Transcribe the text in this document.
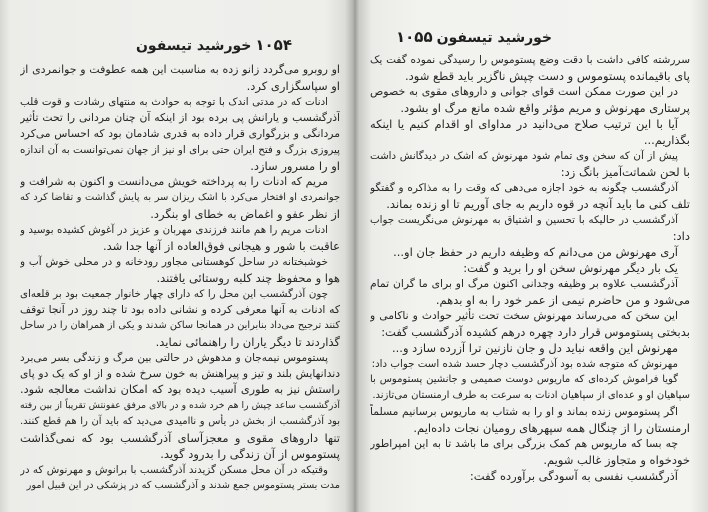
۱۰۵۴
خورشید تیسفون
او روبرو می‌گردد زانو زده به مناسبت این همه عطوفت و جوانمردی از
او سپاسگزاری کرد.
ادنات که در مدتی اندک با توجه به حوادث به منتهای رشادت و قوت قلب
آذرگشسب و یارانش پی برده بود از اینکه آن چنان مردانی را تحت تأثیر
مردانگی و بزرگواری قرار داده به قدری شادمان بود که احساس می‌کرد
پیروزی بزرگ و فتح ایران حتی برای او نیز از جهان نمی‌توانست به آن اندازه
او را مسرور سازد.
مریم که ادنات را به پرداخته خویش می‌دانست و اکنون به شرافت و
جوانمردی او افتخار می‌کرد با اشک ریزان سر به پایش گذاشت و تقاضا کرد که
از نظر عفو و اغماض به خطای او بنگرد.
ادنات مریم را هم مانند فرزندی مهربان و عزیز در آغوش کشیده بوسید و
عاقبت با شور و هیجانی فوق‌العاده از آنها جدا شد.
خوشبختانه در ساحل کوهستانی مجاور رودخانه و در محلی خوش آب و
هوا و محفوظ چند کلبه روستائی یافتند.
چون آذرگشسب این محل را که دارای چهار خانوار جمعیت بود بر قلعه‌ای
که ادنات به آنها معرفی کرده و نشانی داده بود تا چند روز در آنجا توقف
کنند ترجیح می‌داد بنابراین در همانجا ساکن شدند و یکی از همراهان را در ساحل
گذاردند تا دیگر یاران را راهنمائی نماید.
پستوموس نیمه‌جان و مدهوش در حالتی بین مرگ و زندگی بسر می‌برد
دندانهایش بلند و تیز و پیراهنش به خون سرخ شده و از او که یک دو پای
راستش نیز به طوری آسیب دیده بود که امکان نداشت معالجه شود.
آذرگشسب ساعد چپش را هم خرد شده و در بالای مرفق عفونتش تقریباً از بین رفته
بود آذرگشسب از بخش در یأس و ناامیدی می‌دید که باید آن را هم قطع کنند.
تنها داروهای مقوی و معجزآسای آذرگشسب بود که نمی‌گذاشت
پستوموس از آن زندگی را بدرود گوید.
وقتیکه در آن محل مسکن گزیدند آذرگشسب با برانوش و مهرنوش که در
مدت بستر پستوموس جمع شدند و آذرگشسب که در پزشکی در این قبیل امور
خورشید تیسفون
۱۰۵۵
سررشته کافی داشت با دقت وضع پستوموس را رسیدگی نموده گفت یک
پای باقیمانده پستوموس و دست چپش ناگزیر باید قطع شود.
در این صورت ممکن است قوای جوانی و داروهای مقوی به خصوص
پرستاری مهرنوش و مریم مؤثر واقع شده مانع مرگ او بشود.
آیا با این ترتیب صلاح می‌دانید در مداوای او اقدام کنیم یا اینکه
بگذاریم...
پیش از آن که سخن وی تمام شود مهرنوش که اشک در دیدگانش داشت
با لحن شماتت‌آمیز بانگ زد:
آذرگشسب چگونه به خود اجازه می‌دهی که وقت را به مذاکره و گفتگو
تلف کنی ما باید آنچه در قوه داریم به جای آوریم تا او زنده بماند.
آذرگشسب در حالیکه با تحسین و اشتیاق به مهرنوش می‌نگریست جواب
داد:
آری مهرنوش من می‌دانم که وظیفه داریم در حفظ جان او...
یک بار دیگر مهرنوش سخن او را برید و گفت:
آذرگشسب علاوه بر وظیفه وجدانی اکنون مرگ او برای ما گران تمام
می‌شود و من حاضرم نیمی از عمر خود را به او بدهم.
این سخن که می‌رساند مهرنوش سخت تحت تأثیر حوادث و ناکامی و
بدبختی پستوموس قرار دارد چهره درهم کشیده آذرگشسب گفت:
مهرنوش این واقعه نباید دل و جان نازنین ترا آزرده سازد و...
مهرنوش که متوجه شده بود آذرگشسب دچار حسد شده است جواب داد:
گویا فراموش کرده‌ای که ماریوس دوست صمیمی و جانشین پستوموس با
سپاهیان او و عده‌ای از سپاهیان ادنات به سرعت به طرف ارمنستان می‌تازند.
اگر پستوموس زنده بماند و او را به شتاب به ماریوس برسانیم مسلماً
ارمنستان را از چنگال همه سپهرهای رومیان نجات داده‌ایم.
چه بسا که ماریوس هم کمک بزرگی برای ما باشد تا به این امپراطور
خودخواه و متجاوز غالب شویم.
آذرگشسب نفسی به آسودگی برآورده گفت:
